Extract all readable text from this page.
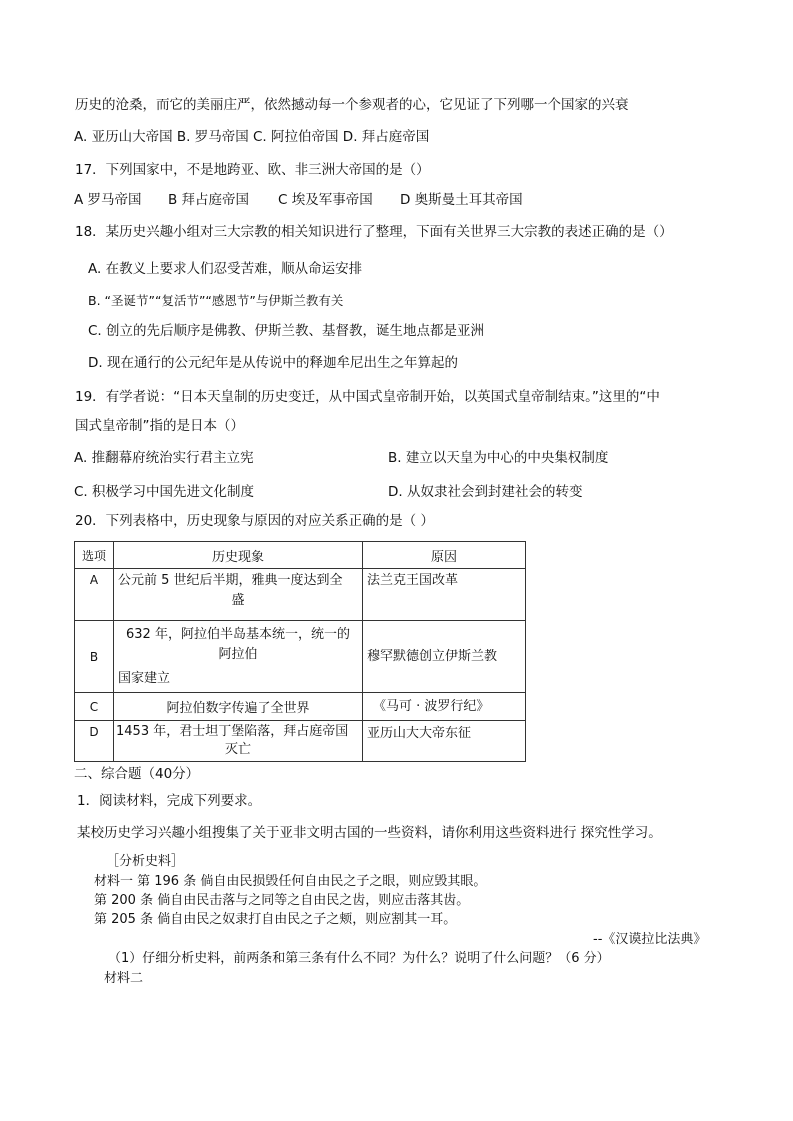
历史的沧桑，而它的美丽庄严，依然撼动每一个参观者的心，它见证了下列哪一个国家的兴衰
A. 亚历山大帝国 B. 罗马帝国 C. 阿拉伯帝国 D. 拜占庭帝国
17．下列国家中，不是地跨亚、欧、非三洲大帝国的是（）
A 罗马帝国 B 拜占庭帝国 C 埃及军事帝国 D 奥斯曼土耳其帝国
18．某历史兴趣小组对三大宗教的相关知识进行了整理，下面有关世界三大宗教的表述正确的是（）
A. 在教义上要求人们忍受苦难，顺从命运安排
B. “圣诞节”“复活节”“感恩节”与伊斯兰教有关
C. 创立的先后顺序是佛教、伊斯兰教、基督教，诞生地点都是亚洲
D. 现在通行的公元纪年是从传说中的释迦牟尼出生之年算起的
19．有学者说：“日本天皇制的历史变迁，从中国式皇帝制开始，以英国式皇帝制结束。”这里的“中
国式皇帝制”指的是日本（）
A. 推翻幕府统治实行君主立宪	B. 建立以天皇为中心的中央集权制度
C. 积极学习中国先进文化制度	D. 从奴隶社会到封建社会的转变
20．下列表格中，历史现象与原因的对应关系正确的是（ ）
选项	历史现象	原因
A	公元前 5 世纪后半期，雅典一度达到全
盛	法兰克王国改革

B	632 年，阿拉伯半岛基本统一，统一的
阿拉伯
国家建立	穆罕默德创立伊斯兰教

C	阿拉伯数字传遍了全世界	《马可 · 波罗行纪》

D	1453 年，君士坦丁堡陷落，拜占庭帝国
灭亡	亚历山大大帝东征
二、综合题（40分）
1．阅读材料，完成下列要求。
某校历史学习兴趣小组搜集了关于亚非文明古国的一些资料，请你利用这些资料进行 探究性学习。
［分析史料］
材料一 第 196 条 倘自由民损毁任何自由民之子之眼，则应毁其眼。
第 200 条 倘自由民击落与之同等之自由民之齿，则应击落其齿。
第 205 条 倘自由民之奴隶打自由民之子之颊，则应割其一耳。
--《汉谟拉比法典》
（1）仔细分析史料，前两条和第三条有什么不同？为什么？说明了什么问题？（6 分）
材料二
